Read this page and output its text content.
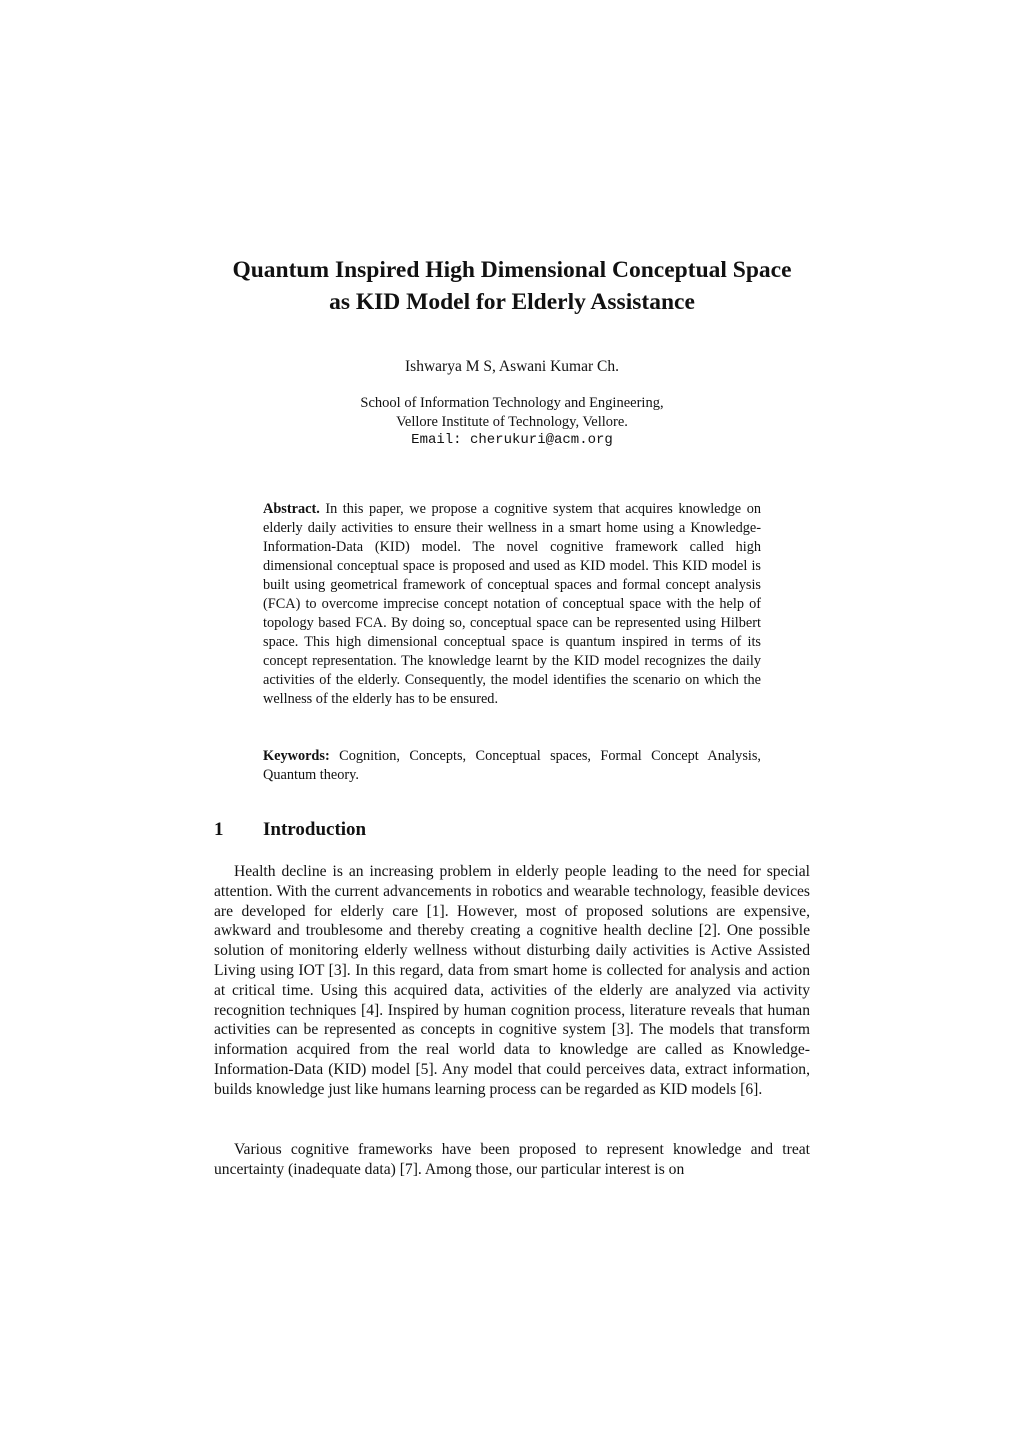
Quantum Inspired High Dimensional Conceptual Space
as KID Model for Elderly Assistance

Ishwarya M S, Aswani Kumar Ch.

School of Information Technology and Engineering,
Vellore Institute of Technology, Vellore.
Email: cherukuri@acm.org

Abstract. In this paper, we propose a cognitive system that acquires knowledge on elderly daily activities to ensure their wellness in a smart home using a Knowledge-Information-Data (KID) model. The novel cognitive framework called high dimensional conceptual space is proposed and used as KID model. This KID model is built using geometrical framework of conceptual spaces and formal concept analysis (FCA) to overcome imprecise concept notation of conceptual space with the help of topology based FCA. By doing so, conceptual space can be represented using Hilbert space. This high dimensional conceptual space is quantum inspired in terms of its concept representation. The knowledge learnt by the KID model recognizes the daily activities of the elderly. Consequently, the model identifies the scenario on which the wellness of the elderly has to be ensured.

Keywords: Cognition, Concepts, Conceptual spaces, Formal Concept Analysis, Quantum theory.

1 Introduction

Health decline is an increasing problem in elderly people leading to the need for special attention. With the current advancements in robotics and wearable technology, feasible devices are developed for elderly care [1]. However, most of proposed solutions are expensive, awkward and troublesome and thereby creating a cognitive health decline [2]. One possible solution of monitoring elderly wellness without disturbing daily activities is Active Assisted Living using IOT [3]. In this regard, data from smart home is collected for analysis and action at critical time. Using this acquired data, activities of the elderly are analyzed via activity recognition techniques [4]. Inspired by human cognition process, literature reveals that human activities can be represented as concepts in cognitive system [3]. The models that transform information acquired from the real world data to knowledge are called as Knowledge-Information-Data (KID) model [5]. Any model that could perceives data, extract information, builds knowledge just like humans learning process can be regarded as KID models [6].

Various cognitive frameworks have been proposed to represent knowledge and treat uncertainty (inadequate data) [7]. Among those, our particular interest is on
